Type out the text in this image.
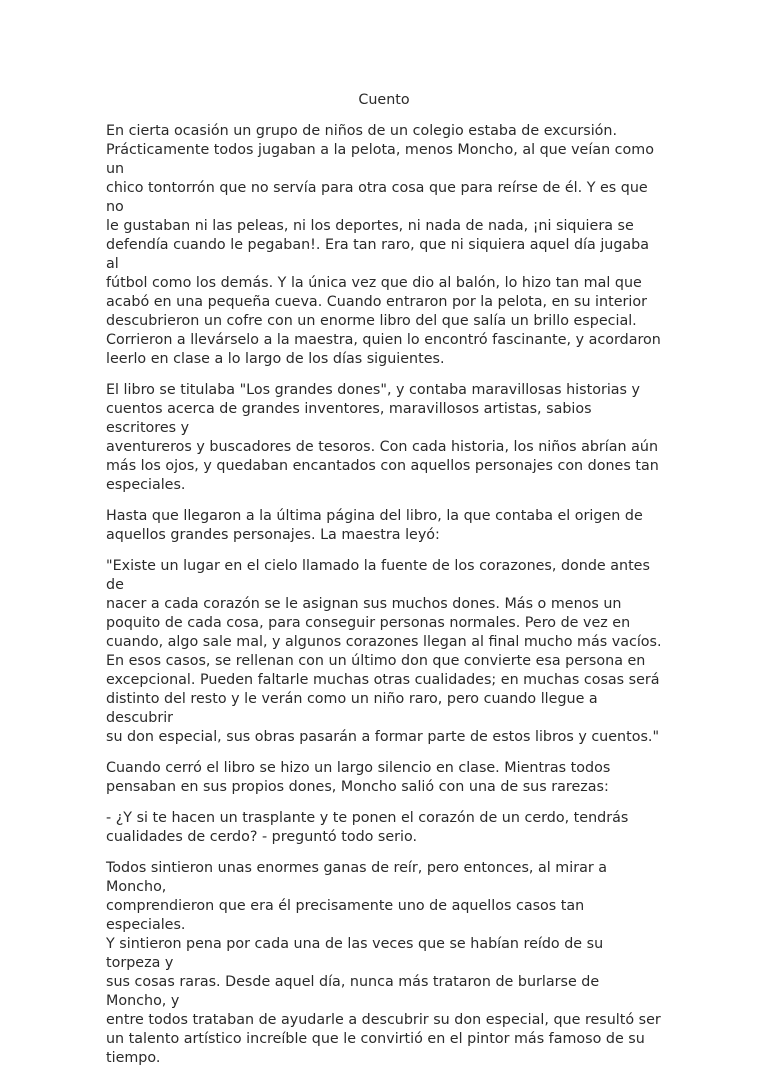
Cuento

En cierta ocasión un grupo de niños de un colegio estaba de excursión.
Prácticamente todos jugaban a la pelota, menos Moncho, al que veían como un
chico tontorrón que no servía para otra cosa que para reírse de él. Y es que no
le gustaban ni las peleas, ni los deportes, ni nada de nada, ¡ni siquiera se
defendía cuando le pegaban!. Era tan raro, que ni siquiera aquel día jugaba al
fútbol como los demás. Y la única vez que dio al balón, lo hizo tan mal que
acabó en una pequeña cueva. Cuando entraron por la pelota, en su interior
descubrieron un cofre con un enorme libro del que salía un brillo especial.
Corrieron a llevárselo a la maestra, quien lo encontró fascinante, y acordaron
leerlo en clase a lo largo de los días siguientes.

El libro se titulaba "Los grandes dones", y contaba maravillosas historias y
cuentos acerca de grandes inventores, maravillosos artistas, sabios escritores y
aventureros y buscadores de tesoros. Con cada historia, los niños abrían aún
más los ojos, y quedaban encantados con aquellos personajes con dones tan
especiales.

Hasta que llegaron a la última página del libro, la que contaba el origen de
aquellos grandes personajes. La maestra leyó:

"Existe un lugar en el cielo llamado la fuente de los corazones, donde antes de
nacer a cada corazón se le asignan sus muchos dones. Más o menos un
poquito de cada cosa, para conseguir personas normales. Pero de vez en
cuando, algo sale mal, y algunos corazones llegan al final mucho más vacíos.
En esos casos, se rellenan con un último don que convierte esa persona en
excepcional. Pueden faltarle muchas otras cualidades; en muchas cosas será
distinto del resto y le verán como un niño raro, pero cuando llegue a descubrir
su don especial, sus obras pasarán a formar parte de estos libros y cuentos."

Cuando cerró el libro se hizo un largo silencio en clase. Mientras todos
pensaban en sus propios dones, Moncho salió con una de sus rarezas:

- ¿Y si te hacen un trasplante y te ponen el corazón de un cerdo, tendrás
cualidades de cerdo? - preguntó todo serio.

Todos sintieron unas enormes ganas de reír, pero entonces, al mirar a Moncho,
comprendieron que era él precisamente uno de aquellos casos tan especiales.
Y sintieron pena por cada una de las veces que se habían reído de su torpeza y
sus cosas raras. Desde aquel día, nunca más trataron de burlarse de Moncho, y
entre todos trataban de ayudarle a descubrir su don especial, que resultó ser
un talento artístico increíble que le convirtió en el pintor más famoso de su
tiempo.
